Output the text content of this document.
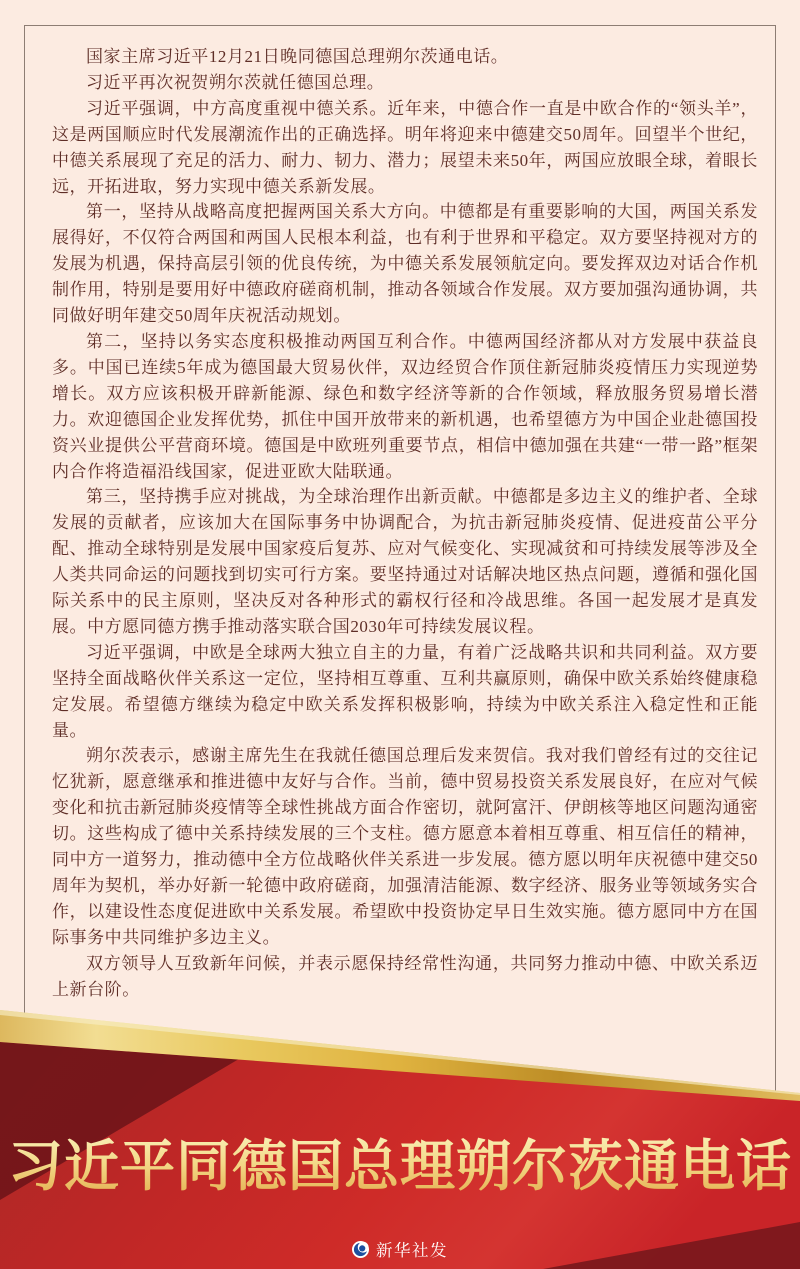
国家主席习近平12月21日晚同德国总理朔尔茨通电话。

习近平再次祝贺朔尔茨就任德国总理。

习近平强调，中方高度重视中德关系。近年来，中德合作一直是中欧合作的“领头羊”，这是两国顺应时代发展潮流作出的正确选择。明年将迎来中德建交50周年。回望半个世纪，中德关系展现了充足的活力、耐力、韧力、潜力；展望未来50年，两国应放眼全球，着眼长远，开拓进取，努力实现中德关系新发展。

第一，坚持从战略高度把握两国关系大方向。中德都是有重要影响的大国，两国关系发展得好，不仅符合两国和两国人民根本利益，也有利于世界和平稳定。双方要坚持视对方的发展为机遇，保持高层引领的优良传统，为中德关系发展领航定向。要发挥双边对话合作机制作用，特别是要用好中德政府磋商机制，推动各领域合作发展。双方要加强沟通协调，共同做好明年建交50周年庆祝活动规划。

第二，坚持以务实态度积极推动两国互利合作。中德两国经济都从对方发展中获益良多。中国已连续5年成为德国最大贸易伙伴，双边经贸合作顶住新冠肺炎疫情压力实现逆势增长。双方应该积极开辟新能源、绿色和数字经济等新的合作领域，释放服务贸易增长潜力。欢迎德国企业发挥优势，抓住中国开放带来的新机遇，也希望德方为中国企业赴德国投资兴业提供公平营商环境。德国是中欧班列重要节点，相信中德加强在共建“一带一路”框架内合作将造福沿线国家，促进亚欧大陆联通。

第三，坚持携手应对挑战，为全球治理作出新贡献。中德都是多边主义的维护者、全球发展的贡献者，应该加大在国际事务中协调配合，为抗击新冠肺炎疫情、促进疫苗公平分配、推动全球特别是发展中国家疫后复苏、应对气候变化、实现减贫和可持续发展等涉及全人类共同命运的问题找到切实可行方案。要坚持通过对话解决地区热点问题，遵循和强化国际关系中的民主原则，坚决反对各种形式的霸权行径和冷战思维。各国一起发展才是真发展。中方愿同德方携手推动落实联合国2030年可持续发展议程。

习近平强调，中欧是全球两大独立自主的力量，有着广泛战略共识和共同利益。双方要坚持全面战略伙伴关系这一定位，坚持相互尊重、互利共赢原则，确保中欧关系始终健康稳定发展。希望德方继续为稳定中欧关系发挥积极影响，持续为中欧关系注入稳定性和正能量。

朔尔茨表示，感谢主席先生在我就任德国总理后发来贺信。我对我们曾经有过的交往记忆犹新，愿意继承和推进德中友好与合作。当前，德中贸易投资关系发展良好，在应对气候变化和抗击新冠肺炎疫情等全球性挑战方面合作密切，就阿富汗、伊朗核等地区问题沟通密切。这些构成了德中关系持续发展的三个支柱。德方愿意本着相互尊重、相互信任的精神，同中方一道努力，推动德中全方位战略伙伴关系进一步发展。德方愿以明年庆祝德中建交50周年为契机，举办好新一轮德中政府磋商，加强清洁能源、数字经济、服务业等领域务实合作，以建设性态度促进欧中关系发展。希望欧中投资协定早日生效实施。德方愿同中方在国际事务中共同维护多边主义。

双方领导人互致新年问候，并表示愿保持经常性沟通，共同努力推动中德、中欧关系迈上新台阶。

习近平同德国总理朔尔茨通电话
新华社发
